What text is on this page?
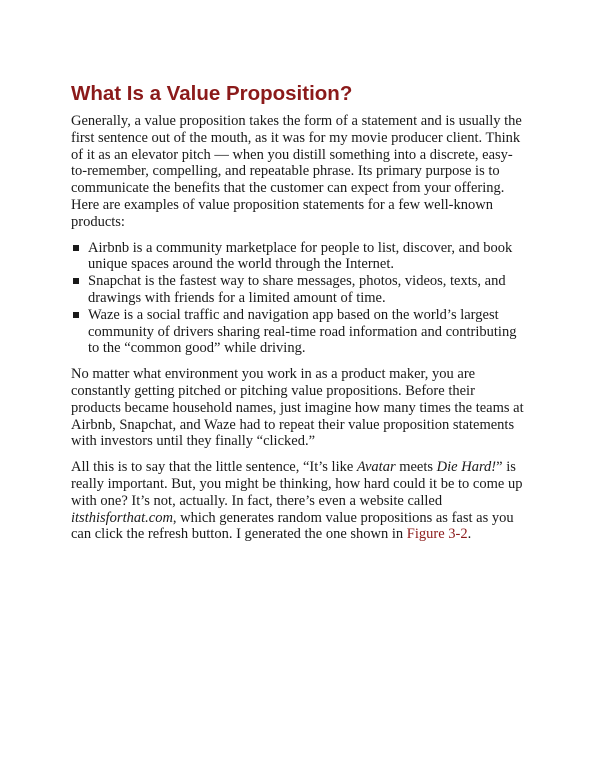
What Is a Value Proposition?

Generally, a value proposition takes the form of a statement and is usually the first sentence out of the mouth, as it was for my movie producer client. Think of it as an elevator pitch — when you distill something into a discrete, easy-to-remember, compelling, and repeatable phrase. Its primary purpose is to communicate the benefits that the customer can expect from your offering. Here are examples of value proposition statements for a few well-known products:

Airbnb is a community marketplace for people to list, discover, and book unique spaces around the world through the Internet.
Snapchat is the fastest way to share messages, photos, videos, texts, and drawings with friends for a limited amount of time.
Waze is a social traffic and navigation app based on the world’s largest community of drivers sharing real-time road information and contributing to the “common good” while driving.

No matter what environment you work in as a product maker, you are constantly getting pitched or pitching value propositions. Before their products became household names, just imagine how many times the teams at Airbnb, Snapchat, and Waze had to repeat their value proposition statements with investors until they finally “clicked.”

All this is to say that the little sentence, “It’s like Avatar meets Die Hard!” is really important. But, you might be thinking, how hard could it be to come up with one? It’s not, actually. In fact, there’s even a website called itsthisforthat.com, which generates random value propositions as fast as you can click the refresh button. I generated the one shown in Figure 3-2.
